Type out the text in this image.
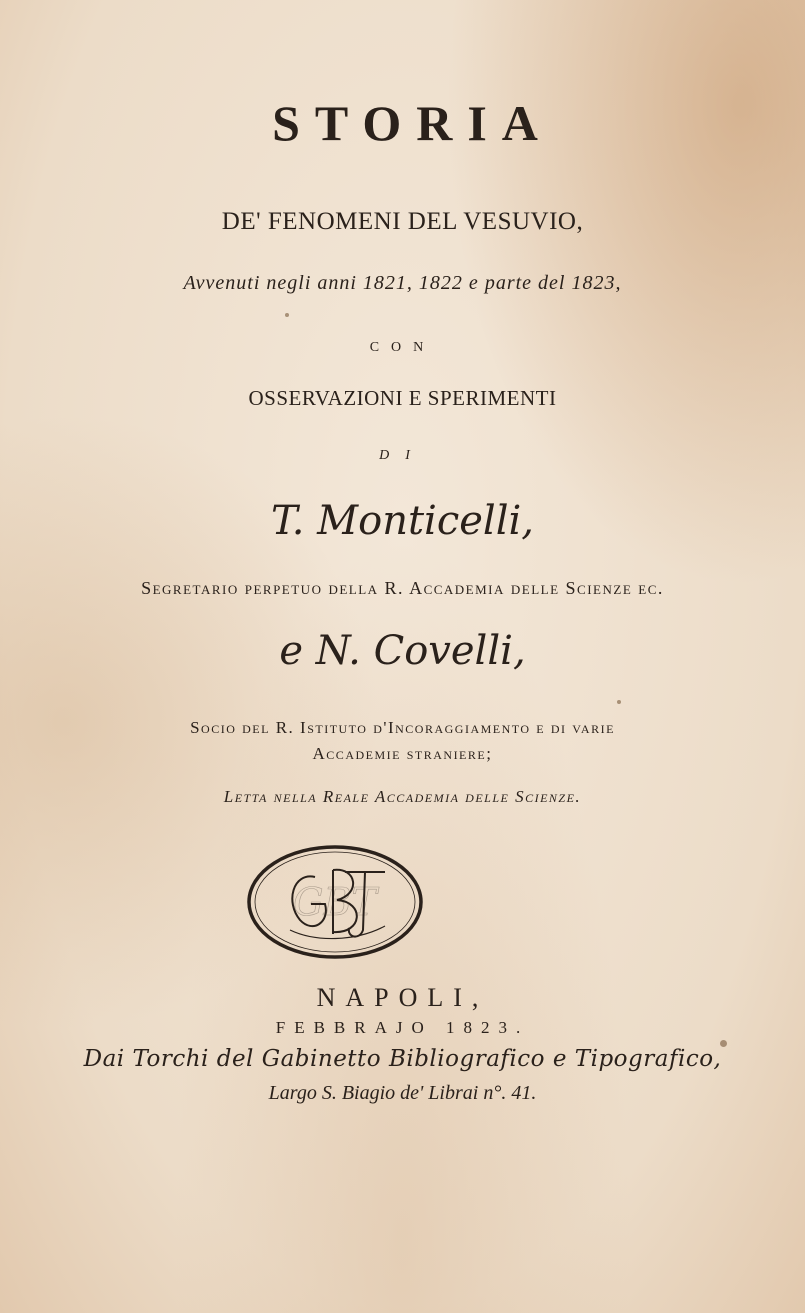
STORIA
DE' FENOMENI DEL VESUVIO,
Avvenuti negli anni 1821, 1822 e parte del 1823,
CON
OSSERVAZIONI E SPERIMENTI
DI
T. Monticelli,
Segretario perpetuo della R. Accademia delle Scienze ec.
e N. Covelli,
Socio del R. Istituto d'Incoraggiamento e di varie
Accademie straniere;
Letta nella Reale Accademia delle Scienze.
GBT
NAPOLI,
FEBBRAJO 1823.
Dai Torchi del Gabinetto Bibliografico e Tipografico,
Largo S. Biagio de' Librai n°. 41.
